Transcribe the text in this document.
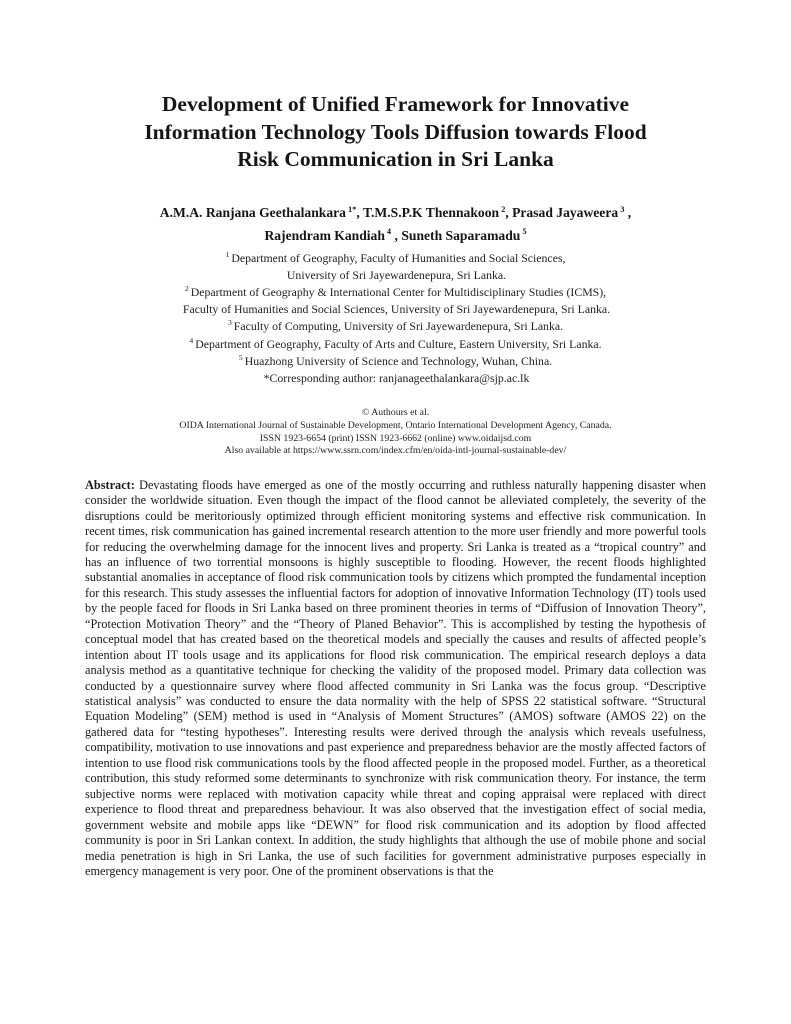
Development of Unified Framework for Innovative
Information Technology Tools Diffusion towards Flood
Risk Communication in Sri Lanka
A.M.A. Ranjana Geethalankara $^{1*}$, T.M.S.P.K Thennakoon $^2$, Prasad Jayaweera $^3$ ,
Rajendram Kandiah $^4$ , Suneth Saparamadu $^5$
$^1$ Department of Geography, Faculty of Humanities and Social Sciences,
University of Sri Jayewardenepura, Sri Lanka.
$^2$ Department of Geography & International Center for Multidisciplinary Studies (ICMS),
Faculty of Humanities and Social Sciences, University of Sri Jayewardenepura, Sri Lanka.
$^3$ Faculty of Computing, University of Sri Jayewardenepura, Sri Lanka.
$^4$ Department of Geography, Faculty of Arts and Culture, Eastern University, Sri Lanka.
$^5$ Huazhong University of Science and Technology, Wuhan, China.
*Corresponding author: ranjanageethalankara@sjp.ac.lk
© Authours et al.
OIDA International Journal of Sustainable Development, Ontario International Development Agency, Canada.
ISSN 1923-6654 (print) ISSN 1923-6662 (online) www.oidaijsd.com
Also available at https://www.ssrn.com/index.cfm/en/oida-intl-journal-sustainable-dev/

Abstract: Devastating floods have emerged as one of the mostly occurring and ruthless naturally happening disaster when consider the worldwide situation. Even though the impact of the flood cannot be alleviated completely, the severity of the disruptions could be meritoriously optimized through efficient monitoring systems and effective risk communication. In recent times, risk communication has gained incremental research attention to the more user friendly and more powerful tools for reducing the overwhelming damage for the innocent lives and property. Sri Lanka is treated as a “tropical country” and has an influence of two torrential monsoons is highly susceptible to flooding. However, the recent floods highlighted substantial anomalies in acceptance of flood risk communication tools by citizens which prompted the fundamental inception for this research. This study assesses the influential factors for adoption of innovative Information Technology (IT) tools used by the people faced for floods in Sri Lanka based on three prominent theories in terms of “Diffusion of Innovation Theory”, “Protection Motivation Theory” and the “Theory of Planed Behavior”. This is accomplished by testing the hypothesis of conceptual model that has created based on the theoretical models and specially the causes and results of affected people’s intention about IT tools usage and its applications for flood risk communication. The empirical research deploys a data analysis method as a quantitative technique for checking the validity of the proposed model. Primary data collection was conducted by a questionnaire survey where flood affected community in Sri Lanka was the focus group. “Descriptive statistical analysis” was conducted to ensure the data normality with the help of SPSS 22 statistical software. “Structural Equation Modeling” (SEM) method is used in “Analysis of Moment Structures” (AMOS) software (AMOS 22) on the gathered data for “testing hypotheses”. Interesting results were derived through the analysis which reveals usefulness, compatibility, motivation to use innovations and past experience and preparedness behavior are the mostly affected factors of intention to use flood risk communications tools by the flood affected people in the proposed model. Further, as a theoretical contribution, this study reformed some determinants to synchronize with risk communication theory. For instance, the term subjective norms were replaced with motivation capacity while threat and coping appraisal were replaced with direct experience to flood threat and preparedness behaviour. It was also observed that the investigation effect of social media, government website and mobile apps like “DEWN” for flood risk communication and its adoption by flood affected community is poor in Sri Lankan context. In addition, the study highlights that although the use of mobile phone and social media penetration is high in Sri Lanka, the use of such facilities for government administrative purposes especially in emergency management is very poor. One of the prominent observations is that the
